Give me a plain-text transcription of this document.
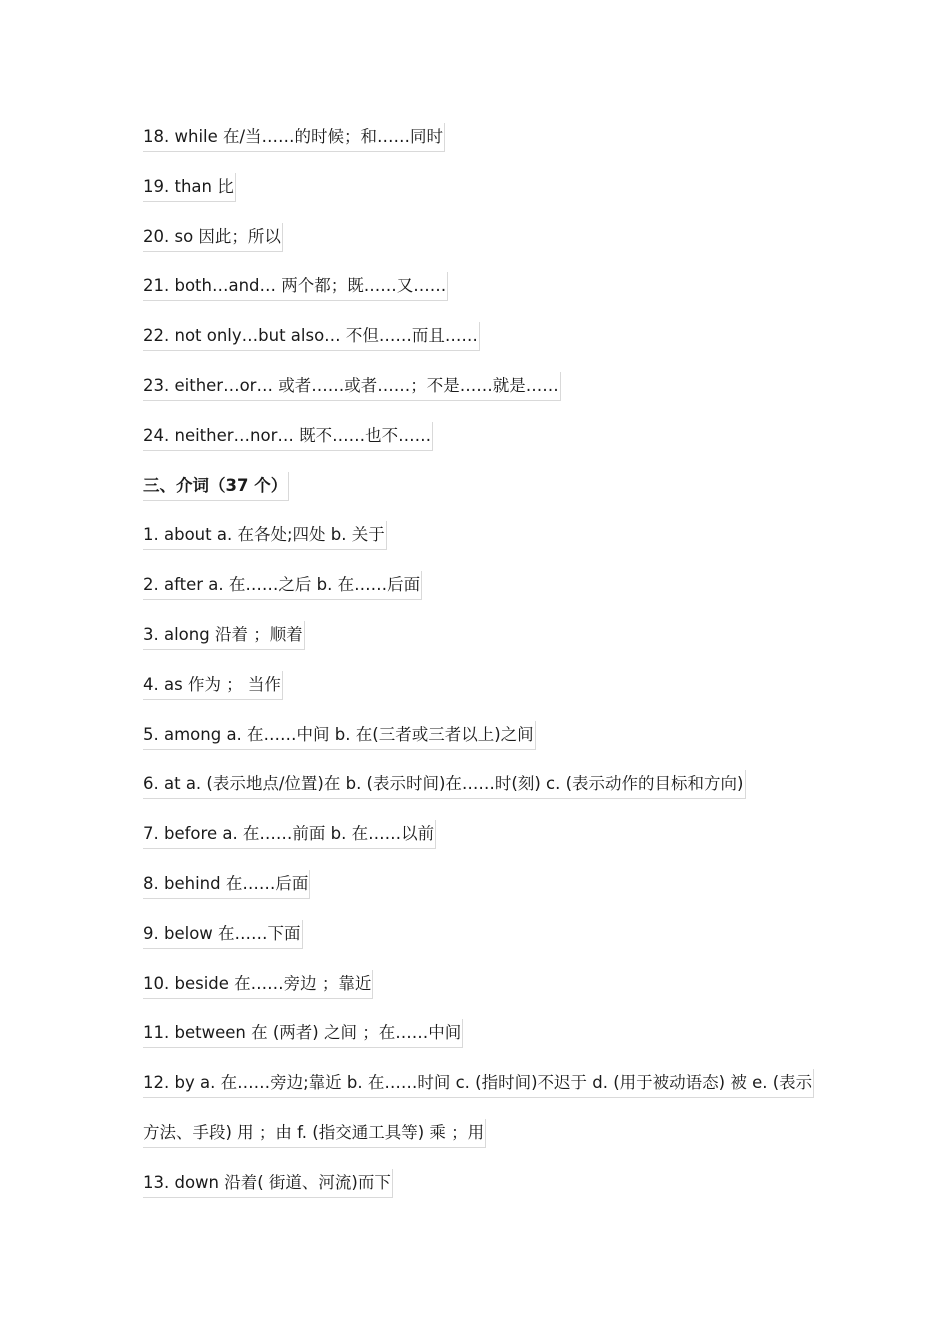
18. while 在/当……的时候；和……同时
19. than 比
20. so 因此；所以
21. both…and… 两个都；既……又……
22. not only…but also… 不但……而且……
23. either…or… 或者……或者……；不是……就是……
24. neither…nor… 既不……也不……
三、介词（37 个）
1. about a. 在各处;四处 b. 关于
2. after a. 在……之后 b. 在……后面
3. along 沿着 ；顺着
4. as 作为 ； 当作
5. among a. 在……中间 b. 在(三者或三者以上)之间
6. at a. (表示地点/位置)在 b. (表示时间)在……时(刻) c. (表示动作的目标和方向)
7. before a. 在……前面 b. 在……以前
8. behind 在……后面
9. below 在……下面
10. beside 在……旁边 ；靠近
11. between 在 (两者) 之间 ；在……中间
12. by a. 在……旁边;靠近 b. 在……时间 c. (指时间)不迟于 d. (用于被动语态) 被 e. (表示
方法、手段) 用 ；由 f. (指交通工具等) 乘 ；用
13. down 沿着( 街道、河流)而下
